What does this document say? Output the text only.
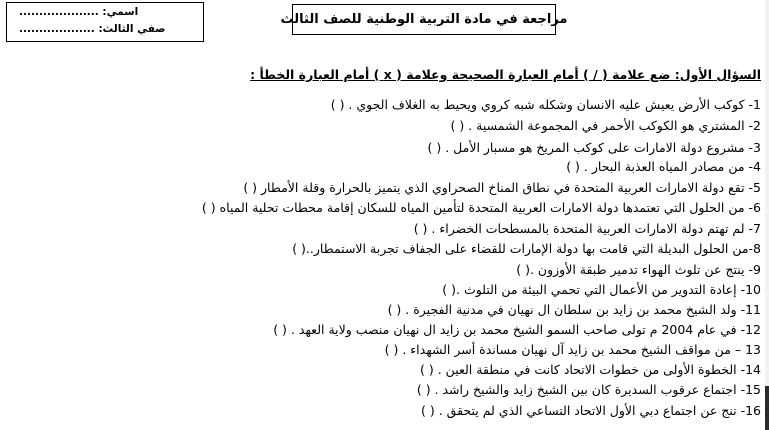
اسمي: ....................
صفي الثالث: ...................
مراجعة في مادة التربية الوطنية للصف الثالث
السؤال الأول: ضع علامة ( / ) أمام العبارة الصحيحة وعلامة ( x ) أمام العبارة الخطأ :
1- كوكب الأرض يعيش عليه الانسان وشكله شبه كروي ويحيط به الغلاف الجوي . ( )
2- المشتري هو الكوكب الأحمر في المجموعة الشمسية . ( )
3- مشروع دولة الامارات على كوكب المريخ هو مسبار الأمل . ( )
4- من مصادر المياه العذبة البحار . ( )
5- تقع دولة الامارات العربية المتحدة في نطاق المناخ الصحراوي الذي يتميز بالحرارة وقلة الأمطار ( )
6- من الحلول التي تعتمدها دولة الامارات العربية المتحدة لتأمين المياه للسكان إقامة محطات تحلية المياه ( )
7- لم تهتم دولة الامارات العربية المتحدة بالمسطحات الخضراء . ( )
8-من الحلول البديلة التي قامت بها دولة الإمارات للقضاء على الجفاف تجربة الاستمطار..( )
9- ينتج عن تلوث الهواء تدمير طبقة الأوزون .( )
10- إعادة التدوير من الأعمال التي تحمي البيئة من التلوث .( )
11- ولد الشيخ محمد بن زايد بن سلطان ال نهيان في مدنية الفجيرة . ( )
12- في عام 2004 م تولى صاحب السمو الشيخ محمد بن زايد ال نهيان منصب ولاية العهد . ( )
13 – من مواقف الشيخ محمد بن زايد آل نهيان مساندة أسر الشهداء . ( )
14- الخطوة الأولى من خطوات الاتحاد كانت في منطقة العين . ( )
15- اجتماع عرقوب السديرة كان بين الشيخ زايد والشيخ راشد . ( )
16- تنج عن اجتماع دبي الأول الاتحاد التساعي الذي لم يتحقق . ( )
